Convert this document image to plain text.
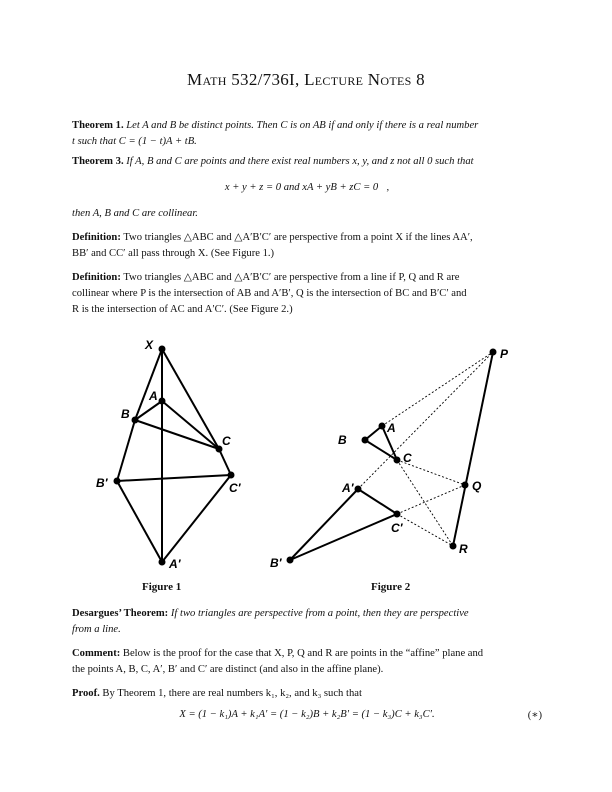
Math 532/736I, Lecture Notes 8
Theorem 1. Let A and B be distinct points. Then C is on AB if and only if there is a real number
t such that C = (1 − t)A + tB.
Theorem 3. If A, B and C are points and there exist real numbers x, y, and z not all 0 such that
x + y + z = 0 and xA + yB + zC = 0⃗,
then A, B and C are collinear.
Definition: Two triangles △ABC and △A′B′C′ are perspective from a point X if the lines AA′,
BB′ and CC′ all pass through X. (See Figure 1.)
Definition: Two triangles △ABC and △A′B′C′ are perspective from a line if P, Q and R are
collinear where P is the intersection of AB and A′B′, Q is the intersection of BC and B′C′ and
R is the intersection of AC and A′C′. (See Figure 2.)
X
A
B
C
B′	C′
A′
P
B
A
C
A′	Q
C′
R
B′
Figure 1	Figure 2
Desargues’ Theorem: If two triangles are perspective from a point, then they are perspective
from a line.
Comment: Below is the proof for the case that X, P, Q and R are points in the “affine” plane and
the points A, B, C, A′, B′ and C′ are distinct (and also in the affine plane).
Proof. By Theorem 1, there are real numbers k₁, k₂, and k₃ such that
X = (1 − k₁)A + k₁A′ = (1 − k₂)B + k₂B′ = (1 − k₃)C + k₃C′.	(∗)
